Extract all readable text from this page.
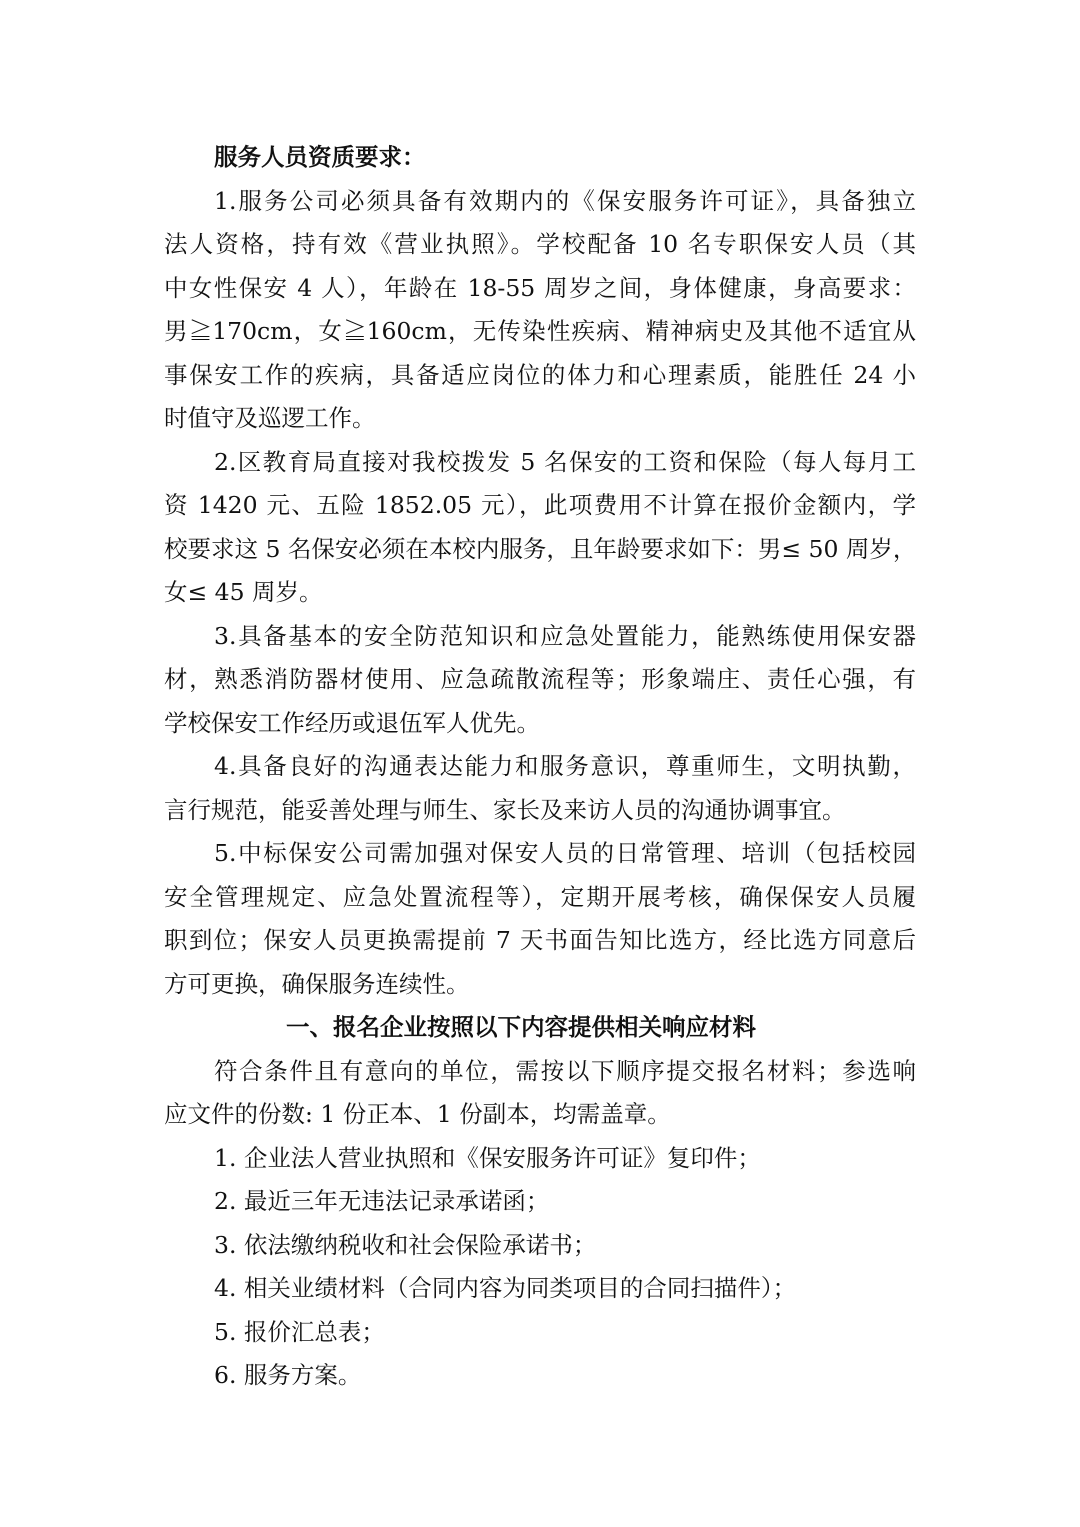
服务人员资质要求：
1.服务公司必须具备有效期内的《保安服务许可证》，具备独立
法人资格，持有效《营业执照》。学校配备 10 名专职保安人员（其
中女性保安 4 人），年龄在 18-55 周岁之间，身体健康，身高要求：
男≧170cm，女≧160cm，无传染性疾病、精神病史及其他不适宜从
事保安工作的疾病，具备适应岗位的体力和心理素质，能胜任 24 小
时值守及巡逻工作。
2.区教育局直接对我校拨发 5 名保安的工资和保险（每人每月工
资 1420 元、五险 1852.05 元），此项费用不计算在报价金额内，学
校要求这 5 名保安必须在本校内服务，且年龄要求如下：男≤ 50 周岁，
女≤ 45 周岁。
3.具备基本的安全防范知识和应急处置能力，能熟练使用保安器
材，熟悉消防器材使用、应急疏散流程等；形象端庄、责任心强，有
学校保安工作经历或退伍军人优先。
4.具备良好的沟通表达能力和服务意识，尊重师生，文明执勤，
言行规范，能妥善处理与师生、家长及来访人员的沟通协调事宜。
5.中标保安公司需加强对保安人员的日常管理、培训（包括校园
安全管理规定、应急处置流程等），定期开展考核，确保保安人员履
职到位；保安人员更换需提前 7 天书面告知比选方，经比选方同意后
方可更换，确保服务连续性。
一、报名企业按照以下内容提供相关响应材料
符合条件且有意向的单位，需按以下顺序提交报名材料；参选响
应文件的份数: 1 份正本、1 份副本，均需盖章。
1. 企业法人营业执照和《保安服务许可证》复印件；
2. 最近三年无违法记录承诺函；
3. 依法缴纳税收和社会保险承诺书；
4. 相关业绩材料（合同内容为同类项目的合同扫描件）；
5. 报价汇总表；
6. 服务方案。
